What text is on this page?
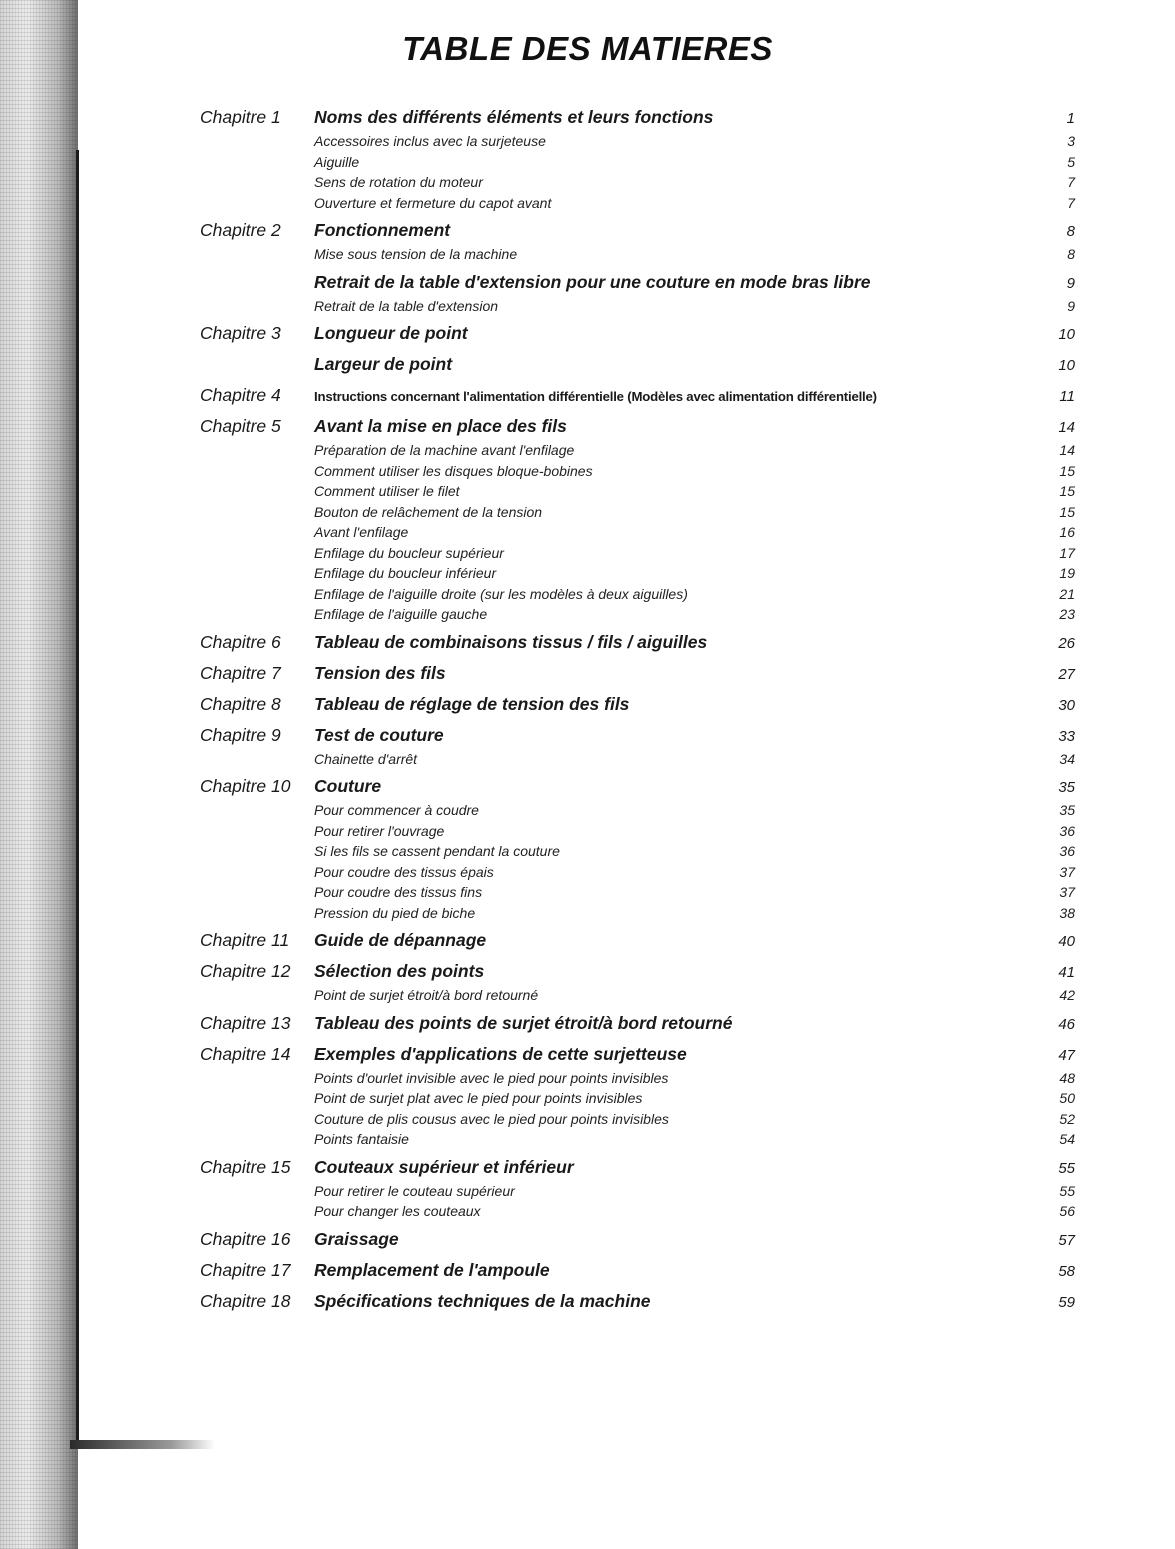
TABLE DES MATIERES
Chapitre 1	Noms des différents éléments et leurs fonctions .....	1
Accessoires inclus avec la surjeteuse .....	3
Aiguille .....	5
Sens de rotation du moteur .....	7
Ouverture et fermeture du capot avant .....	7
Chapitre 2	Fonctionnement .....	8
Mise sous tension de la machine .....	8
Retrait de la table d'extension pour une couture en mode bras libre .....	9
Retrait de la table d'extension .....	9
Chapitre 3	Longueur de point .....	10
Largeur de point .....	10
Chapitre 4	Instructions concernant l'alimentation différentielle (Modèles avec alimentation différentielle) .....	11
Chapitre 5	Avant la mise en place des fils .....	14
Préparation de la machine avant l'enfilage .....	14
Comment utiliser les disques bloque-bobines .....	15
Comment utiliser le filet .....	15
Bouton de relâchement de la tension .....	15
Avant l'enfilage .....	16
Enfilage du boucleur supérieur .....	17
Enfilage du boucleur inférieur .....	19
Enfilage de l'aiguille droite (sur les modèles à deux aiguilles) .....	21
Enfilage de l'aiguille gauche .....	23
Chapitre 6	Tableau de combinaisons tissus / fils / aiguilles .....	26
Chapitre 7	Tension des fils .....	27
Chapitre 8	Tableau de réglage de tension des fils .....	30
Chapitre 9	Test de couture .....	33
Chainette d'arrêt .....	34
Chapitre 10	Couture .....	35
Pour commencer à coudre .....	35
Pour retirer l'ouvrage .....	36
Si les fils se cassent pendant la couture .....	36
Pour coudre des tissus épais .....	37
Pour coudre des tissus fins .....	37
Pression du pied de biche .....	38
Chapitre 11	Guide de dépannage .....	40
Chapitre 12	Sélection des points .....	41
Point de surjet étroit/à bord retourné .....	42
Chapitre 13	Tableau des points de surjet étroit/à bord retourné .....	46
Chapitre 14	Exemples d'applications de cette surjetteuse .....	47
Points d'ourlet invisible avec le pied pour points invisibles .....	48
Point de surjet plat avec le pied pour points invisibles .....	50
Couture de plis cousus avec le pied pour points invisibles .....	52
Points fantaisie .....	54
Chapitre 15	Couteaux supérieur et inférieur .....	55
Pour retirer le couteau supérieur .....	55
Pour changer les couteaux .....	56
Chapitre 16	Graissage .....	57
Chapitre 17	Remplacement de l'ampoule .....	58
Chapitre 18	Spécifications techniques de la machine .....	59
